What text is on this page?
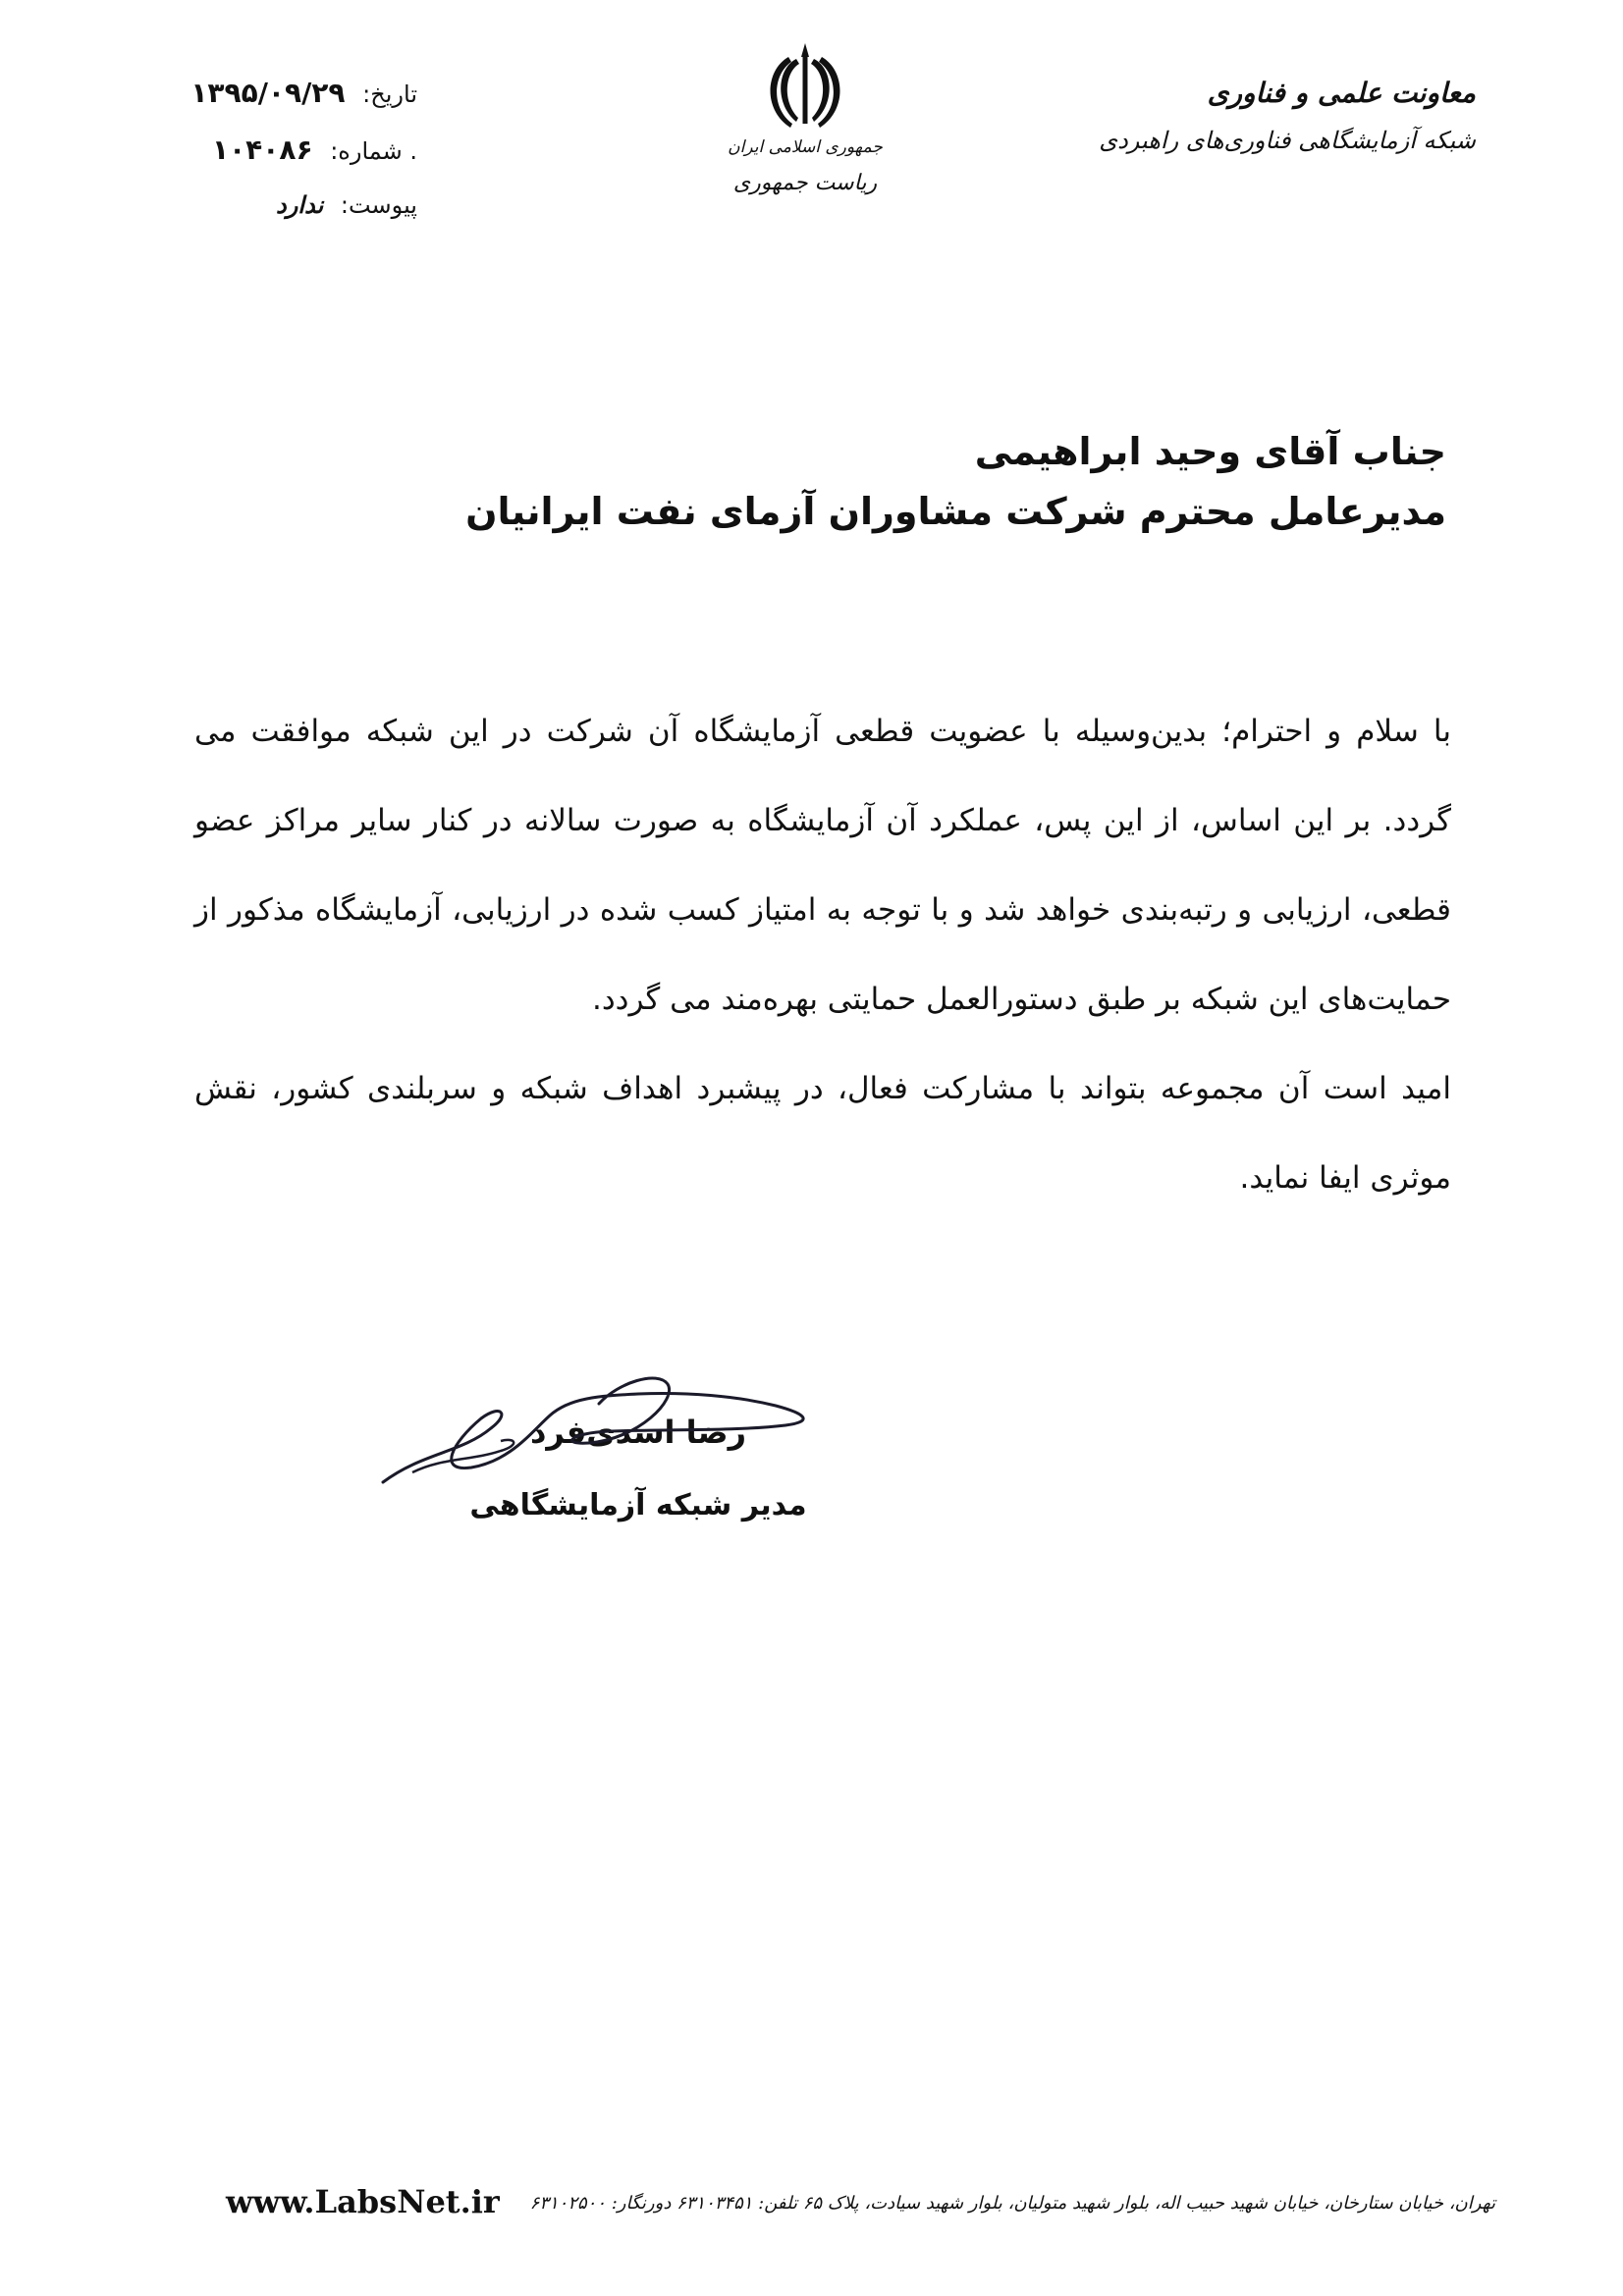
معاونت علمی و فناوری
شبکه آزمایشگاهی فناوری‌های راهبردی
جمهوری اسلامی ایران
ریاست جمهوری
تاریخ: ۱۳۹۵/۰۹/۲۹
. شماره: ۱۰۴۰۸۶
پیوست: ندارد
جناب آقای وحید ابراهیمی
مدیرعامل محترم شرکت مشاوران آزمای نفت ایرانیان

با سلام و احترام؛ بدین‌وسیله با عضویت قطعی آزمایشگاه آن شرکت در این شبکه موافقت می گردد. بر این اساس، از این پس، عملکرد آن آزمایشگاه به صورت سالانه در کنار سایر مراکز عضو قطعی، ارزیابی و رتبه‌بندی خواهد شد و با توجه به امتیاز کسب شده در ارزیابی، آزمایشگاه مذکور از حمایت‌های این شبکه بر طبق دستورالعمل حمایتی بهره‌مند می گردد.

امید است آن مجموعه بتواند با مشارکت فعال، در پیشبرد اهداف شبکه و سربلندی کشور، نقش موثری ایفا نماید.

رضا اسدی‌فرد
مدیر شبکه آزمایشگاهی
تهران، خیابان ستارخان، خیابان شهید حبیب اله، بلوار شهید متولیان، بلوار شهید سیادت، پلاک ۶۵ تلفن: ۶۳۱۰۳۴۵۱ دورنگار: ۶۳۱۰۲۵۰۰
www.LabsNet.ir
